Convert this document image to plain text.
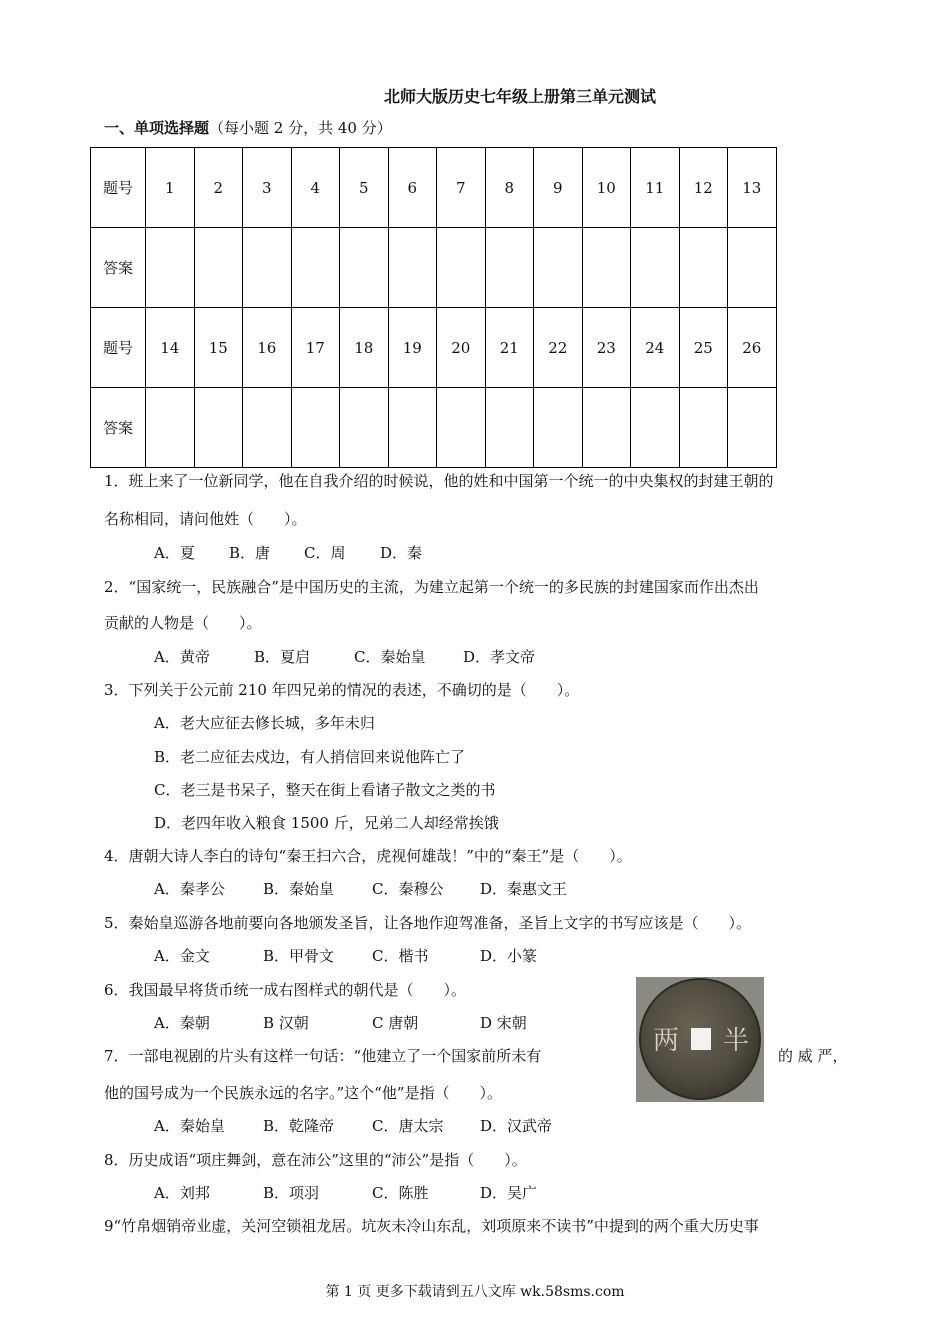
北师大版历史七年级上册第三单元测试
一、单项选择题（每小题 2 分，共 40 分）
题号	1	2	3	4	5	6	7	8	9	10	11	12	13
答案													
题号	14	15	16	17	18	19	20	21	22	23	24	25	26
答案													
1．班上来了一位新同学，他在自我介绍的时候说，他的姓和中国第一个统一的中央集权的封建王朝的
名称相同，请问他姓（　　）。
A．夏 B．唐 C．周 D．秦
2．“国家统一，民族融合”是中国历史的主流，为建立起第一个统一的多民族的封建国家而作出杰出
贡献的人物是（　　）。
A．黄帝	B．夏启	C．秦始皇	D．孝文帝
3．下列关于公元前 210 年四兄弟的情况的表述，不确切的是（　　）。
A．老大应征去修长城，多年未归
B．老二应征去戍边，有人捎信回来说他阵亡了
C．老三是书呆子，整天在街上看诸子散文之类的书
D．老四年收入粮食 1500 斤，兄弟二人却经常挨饿
4．唐朝大诗人李白的诗句“秦王扫六合，虎视何雄哉！”中的“秦王”是（　　）。
A．秦孝公	B．秦始皇	C．秦穆公 D．秦惠文王
5．秦始皇巡游各地前要向各地颁发圣旨，让各地作迎驾准备，圣旨上文字的书写应该是（　　）。
A．金文	B．甲骨文	C．楷书	D．小篆
6．我国最早将货币统一成右图样式的朝代是（　　）。
A．秦朝	B 汉朝	C 唐朝	D 宋朝
两 半
7．一部电视剧的片头有这样一句话：“他建立了一个国家前所未有	的 威 严，
他的国号成为一个民族永远的名字。”这个“他”是指（　　）。
A．秦始皇	B．乾隆帝	C．唐太宗 D．汉武帝
8．历史成语“项庄舞剑，意在沛公”这里的“沛公”是指（　　）。
A．刘邦	B．项羽	C．陈胜	D．吴广
9“竹帛烟销帝业虚，关河空锁祖龙居。坑灰未冷山东乱，刘项原来不读书”中提到的两个重大历史事
第 1 页 更多下载请到五八文库 wk.58sms.com
